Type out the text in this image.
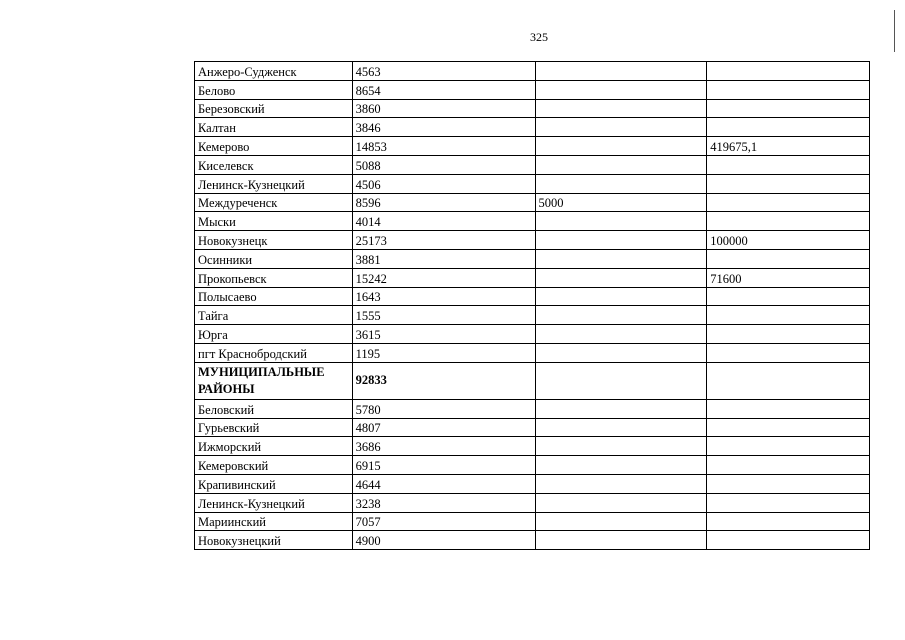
325
Анжеро-Судженск	4563		
Белово	8654		
Березовский	3860		
Калтан	3846		
Кемерово	14853		419675,1
Киселевск	5088		
Ленинск-Кузнецкий	4506		
Междуреченск	8596	5000	
Мыски	4014		
Новокузнецк	25173		100000
Осинники	3881		
Прокопьевск	15242		71600
Полысаево	1643		
Тайга	1555		
Юрга	3615		
пгт Краснобродский	1195		
МУНИЦИПАЛЬНЫЕ РАЙОНЫ	92833		
Беловский	5780		
Гурьевский	4807		
Ижморский	3686		
Кемеровский	6915		
Крапивинский	4644		
Ленинск-Кузнецкий	3238		
Мариинский	7057		
Новокузнецкий	4900		
